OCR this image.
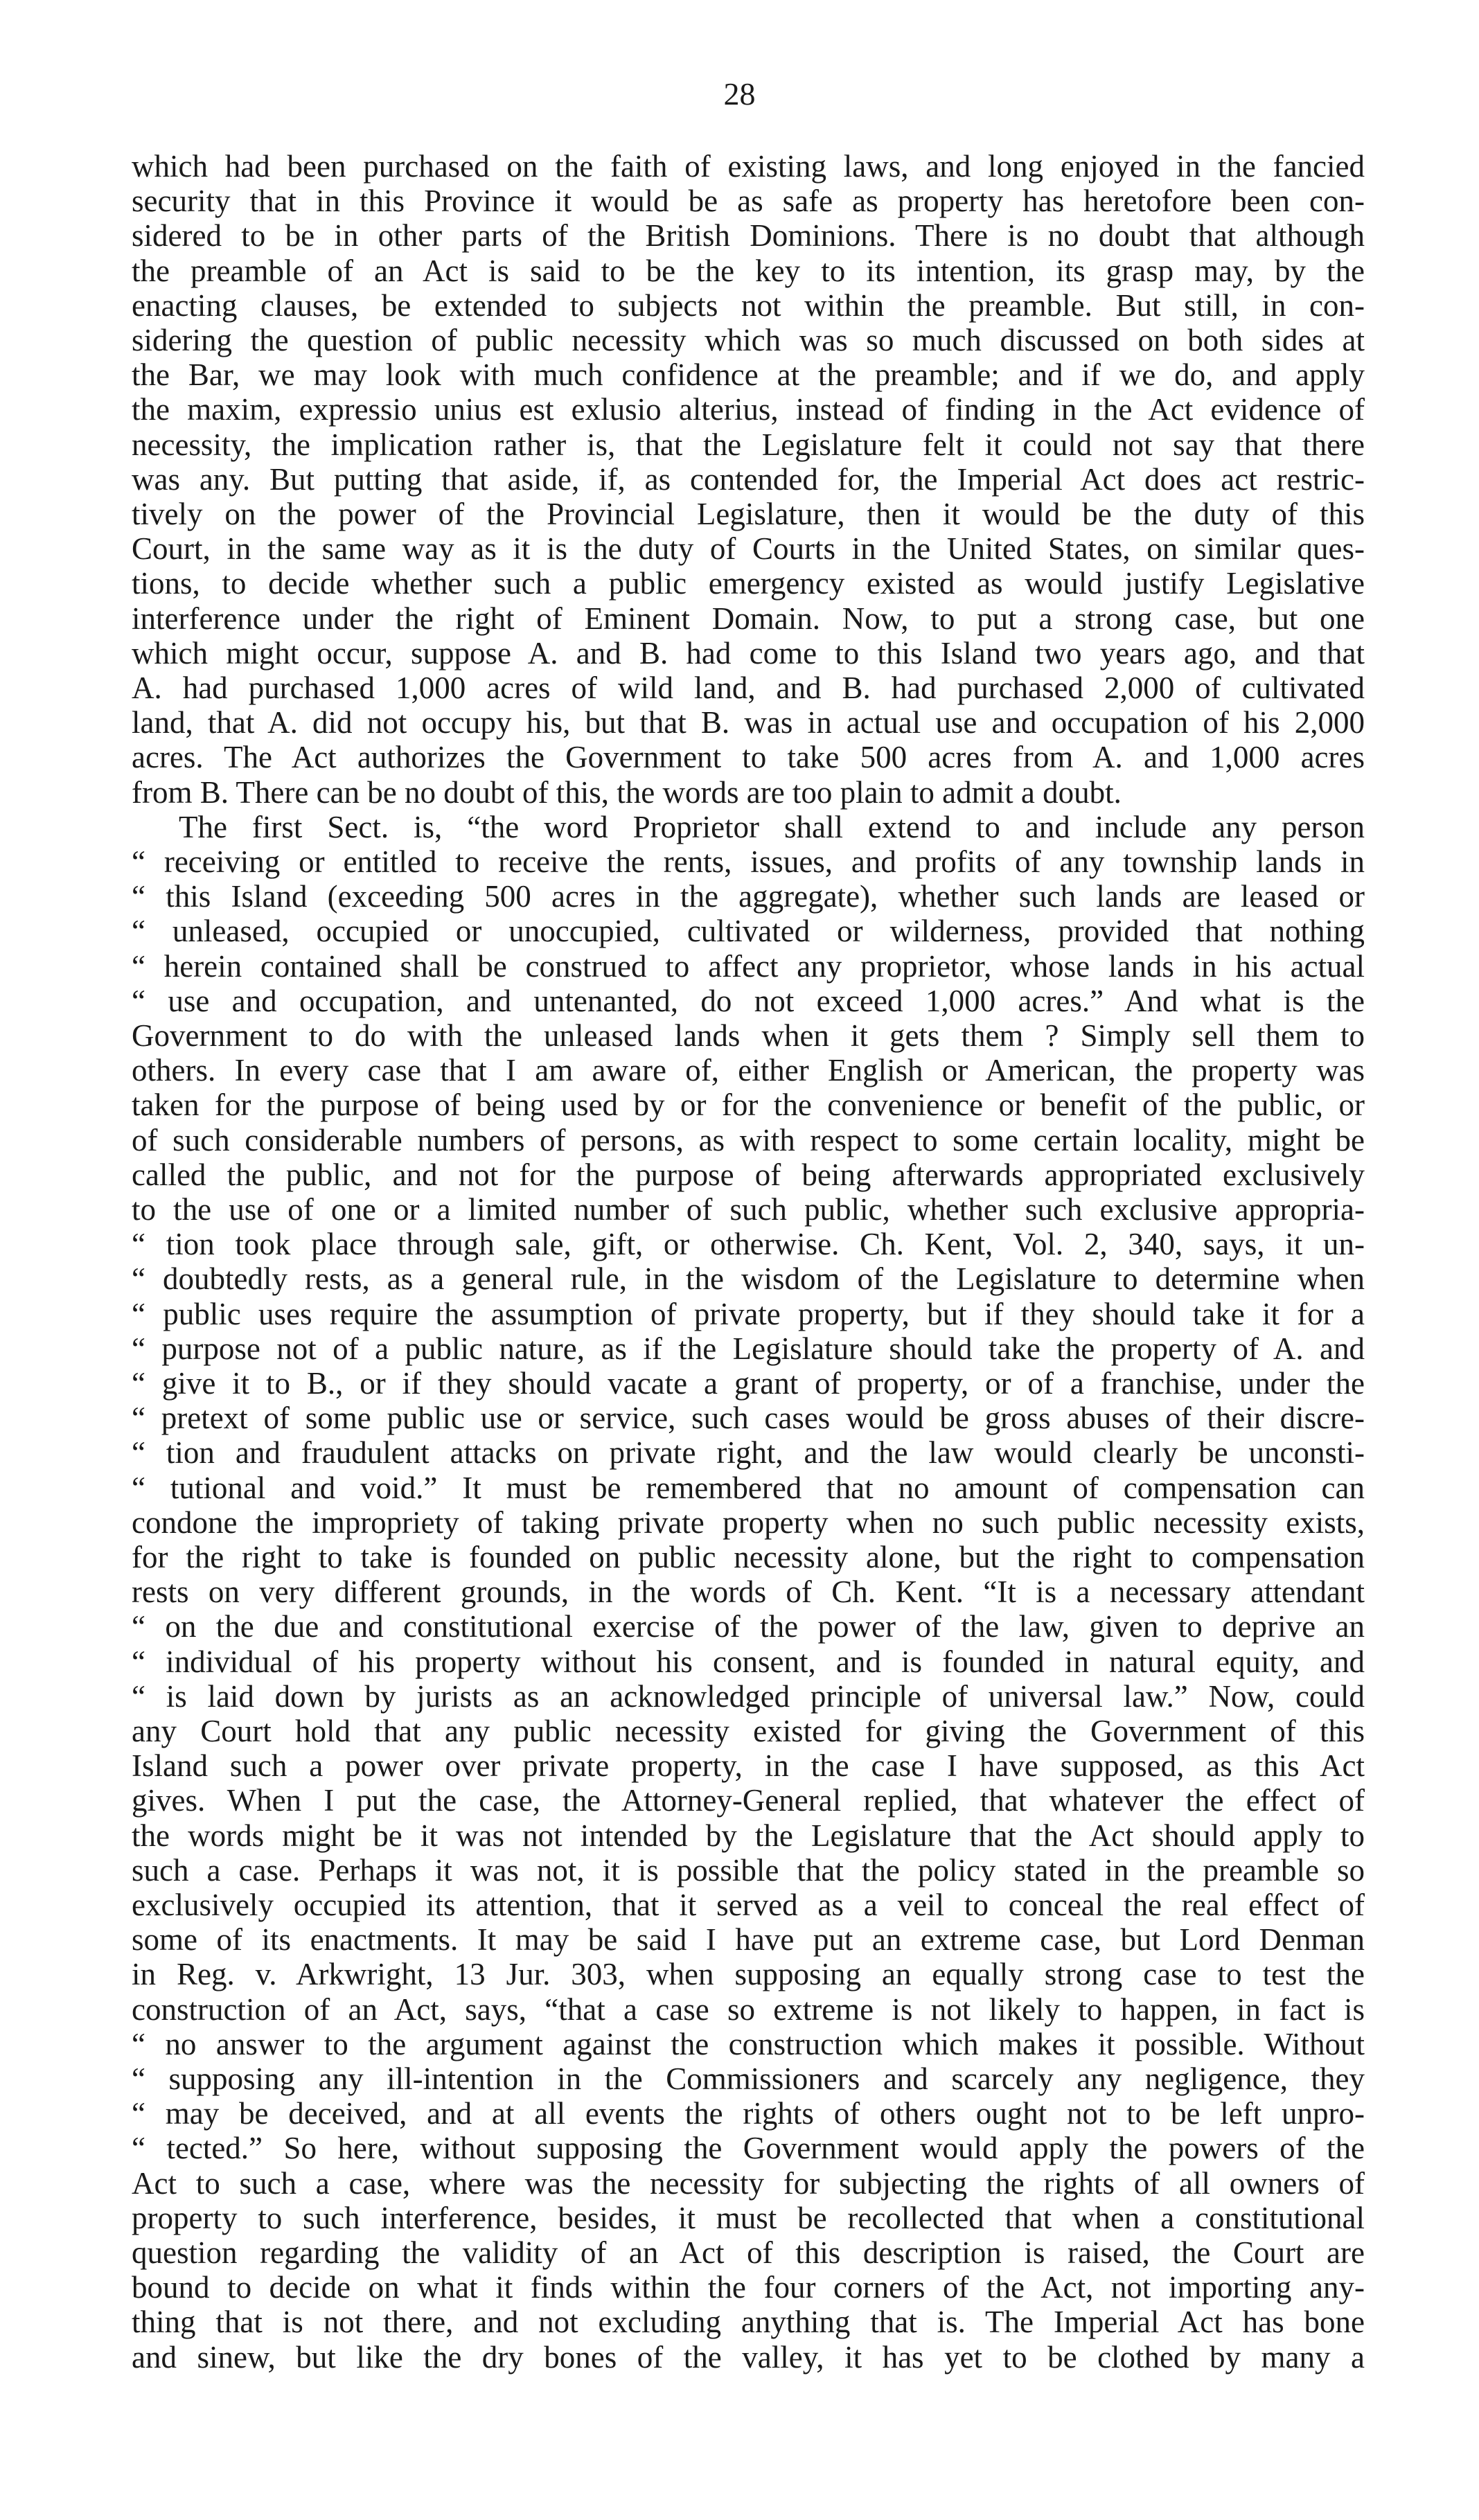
28
which had been purchased on the faith of existing laws, and long enjoyed in the fancied
security that in this Province it would be as safe as property has heretofore been con-
sidered to be in other parts of the British Dominions. There is no doubt that although
the preamble of an Act is said to be the key to its intention, its grasp may, by the
enacting clauses, be extended to subjects not within the preamble. But still, in con-
sidering the question of public necessity which was so much discussed on both sides at
the Bar, we may look with much confidence at the preamble; and if we do, and apply
the maxim, expressio unius est exlusio alterius, instead of finding in the Act evidence of
necessity, the implication rather is, that the Legislature felt it could not say that there
was any. But putting that aside, if, as contended for, the Imperial Act does act restric-
tively on the power of the Provincial Legislature, then it would be the duty of this
Court, in the same way as it is the duty of Courts in the United States, on similar ques-
tions, to decide whether such a public emergency existed as would justify Legislative
interference under the right of Eminent Domain. Now, to put a strong case, but one
which might occur, suppose A. and B. had come to this Island two years ago, and that
A. had purchased 1,000 acres of wild land, and B. had purchased 2,000 of cultivated
land, that A. did not occupy his, but that B. was in actual use and occupation of his 2,000
acres. The Act authorizes the Government to take 500 acres from A. and 1,000 acres
from B. There can be no doubt of this, the words are too plain to admit a doubt.
The first Sect. is, “the word Proprietor shall extend to and include any person
“ receiving or entitled to receive the rents, issues, and profits of any township lands in
“ this Island (exceeding 500 acres in the aggregate), whether such lands are leased or
“ unleased, occupied or unoccupied, cultivated or wilderness, provided that nothing
“ herein contained shall be construed to affect any proprietor, whose lands in his actual
“ use and occupation, and untenanted, do not exceed 1,000 acres.” And what is the
Government to do with the unleased lands when it gets them ? Simply sell them to
others. In every case that I am aware of, either English or American, the property was
taken for the purpose of being used by or for the convenience or benefit of the public, or
of such considerable numbers of persons, as with respect to some certain locality, might be
called the public, and not for the purpose of being afterwards appropriated exclusively
to the use of one or a limited number of such public, whether such exclusive appropria-
“ tion took place through sale, gift, or otherwise. Ch. Kent, Vol. 2, 340, says, it un-
“ doubtedly rests, as a general rule, in the wisdom of the Legislature to determine when
“ public uses require the assumption of private property, but if they should take it for a
“ purpose not of a public nature, as if the Legislature should take the property of A. and
“ give it to B., or if they should vacate a grant of property, or of a franchise, under the
“ pretext of some public use or service, such cases would be gross abuses of their discre-
“ tion and fraudulent attacks on private right, and the law would clearly be unconsti-
“ tutional and void.” It must be remembered that no amount of compensation can
condone the impropriety of taking private property when no such public necessity exists,
for the right to take is founded on public necessity alone, but the right to compensation
rests on very different grounds, in the words of Ch. Kent. “It is a necessary attendant
“ on the due and constitutional exercise of the power of the law, given to deprive an
“ individual of his property without his consent, and is founded in natural equity, and
“ is laid down by jurists as an acknowledged principle of universal law.” Now, could
any Court hold that any public necessity existed for giving the Government of this
Island such a power over private property, in the case I have supposed, as this Act
gives. When I put the case, the Attorney-General replied, that whatever the effect of
the words might be it was not intended by the Legislature that the Act should apply to
such a case. Perhaps it was not, it is possible that the policy stated in the preamble so
exclusively occupied its attention, that it served as a veil to conceal the real effect of
some of its enactments. It may be said I have put an extreme case, but Lord Denman
in Reg. v. Arkwright, 13 Jur. 303, when supposing an equally strong case to test the
construction of an Act, says, “that a case so extreme is not likely to happen, in fact is
“ no answer to the argument against the construction which makes it possible. Without
“ supposing any ill-intention in the Commissioners and scarcely any negligence, they
“ may be deceived, and at all events the rights of others ought not to be left unpro-
“ tected.” So here, without supposing the Government would apply the powers of the
Act to such a case, where was the necessity for subjecting the rights of all owners of
property to such interference, besides, it must be recollected that when a constitutional
question regarding the validity of an Act of this description is raised, the Court are
bound to decide on what it finds within the four corners of the Act, not importing any-
thing that is not there, and not excluding anything that is. The Imperial Act has bone
and sinew, but like the dry bones of the valley, it has yet to be clothed by many a
